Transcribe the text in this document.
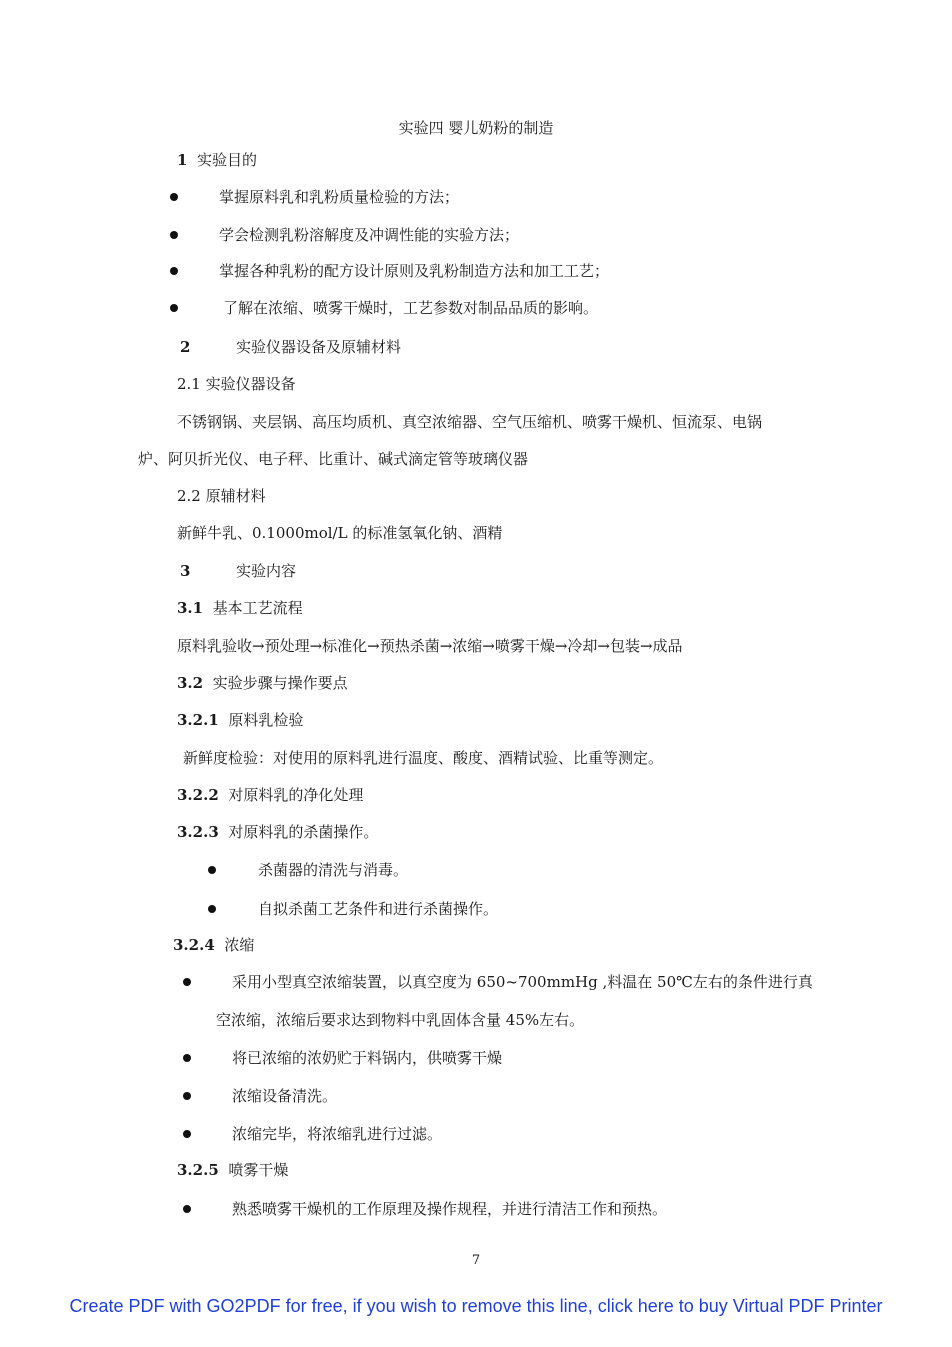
实验四 婴儿奶粉的制造
1 实验目的
掌握原料乳和乳粉质量检验的方法；
学会检测乳粉溶解度及冲调性能的实验方法；
掌握各种乳粉的配方设计原则及乳粉制造方法和加工工艺；
了解在浓缩、喷雾干燥时，工艺参数对制品品质的影响。
2	实验仪器设备及原辅材料
2.1 实验仪器设备
不锈钢锅、夹层锅、高压均质机、真空浓缩器、空气压缩机、喷雾干燥机、恒流泵、电锅
炉、阿贝折光仪、电子秤、比重计、碱式滴定管等玻璃仪器
2.2 原辅材料
新鲜牛乳、0.1000mol/L 的标准氢氧化钠、酒精
3	实验内容
3.1 基本工艺流程
原料乳验收→预处理→标准化→预热杀菌→浓缩→喷雾干燥→冷却→包装→成品
3.2 实验步骤与操作要点
3.2.1 原料乳检验
新鲜度检验：对使用的原料乳进行温度、酸度、酒精试验、比重等测定。
3.2.2 对原料乳的净化处理
3.2.3 对原料乳的杀菌操作。
杀菌器的清洗与消毒。
自拟杀菌工艺条件和进行杀菌操作。
3.2.4 浓缩
采用小型真空浓缩装置，以真空度为 650~700mmHg ,料温在 50℃左右的条件进行真
空浓缩，浓缩后要求达到物料中乳固体含量 45%左右。
将已浓缩的浓奶贮于料锅内，供喷雾干燥
浓缩设备清洗。
浓缩完毕，将浓缩乳进行过滤。
3.2.5 喷雾干燥
熟悉喷雾干燥机的工作原理及操作规程，并进行清洁工作和预热。
7
Create PDF with GO2PDF for free, if you wish to remove this line, click here to buy Virtual PDF Printer
